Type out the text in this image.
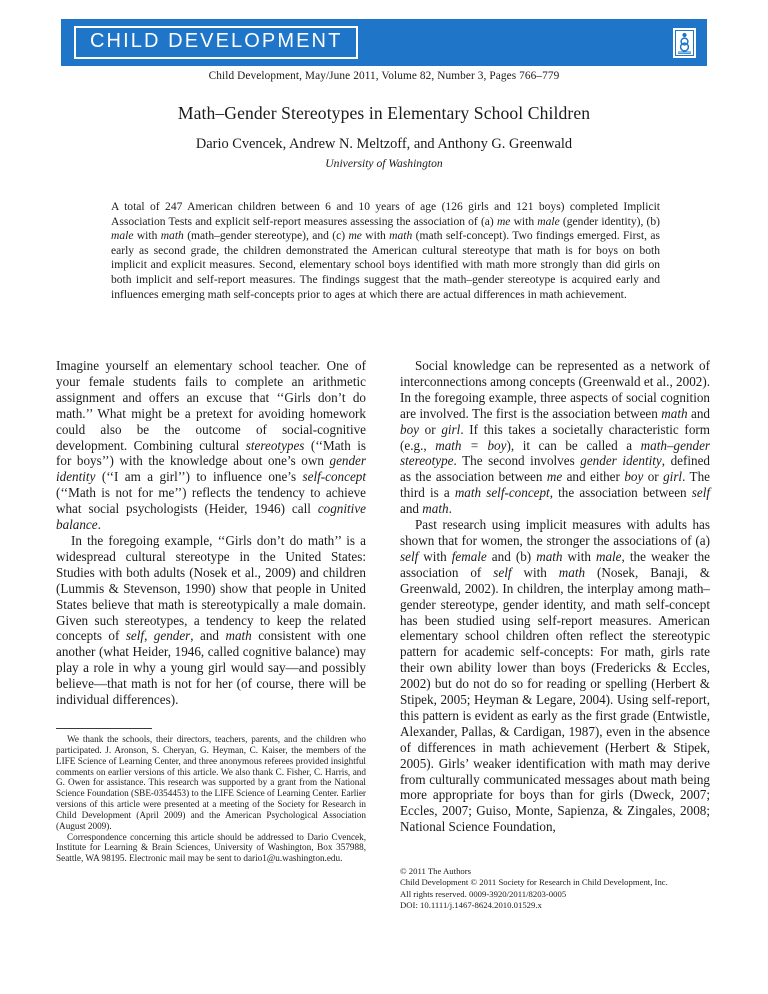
CHILD DEVELOPMENT
Child Development, May/June 2011, Volume 82, Number 3, Pages 766–779
Math–Gender Stereotypes in Elementary School Children
Dario Cvencek, Andrew N. Meltzoff, and Anthony G. Greenwald
University of Washington
A total of 247 American children between 6 and 10 years of age (126 girls and 121 boys) completed Implicit Association Tests and explicit self-report measures assessing the association of (a) me with male (gender identity), (b) male with math (math–gender stereotype), and (c) me with math (math self-concept). Two findings emerged. First, as early as second grade, the children demonstrated the American cultural stereotype that math is for boys on both implicit and explicit measures. Second, elementary school boys identified with math more strongly than did girls on both implicit and self-report measures. The findings suggest that the math–gender stereotype is acquired early and influences emerging math self-concepts prior to ages at which there are actual differences in math achievement.

Imagine yourself an elementary school teacher. One of your female students fails to complete an arithmetic assignment and offers an excuse that ‘‘Girls don’t do math.’’ What might be a pretext for avoiding homework could also be the outcome of social-cognitive development. Combining cultural stereotypes (‘‘Math is for boys’’) with the knowledge about one’s own gender identity (‘‘I am a girl’’) to influence one’s self-concept (‘‘Math is not for me’’) reflects the tendency to achieve what social psychologists (Heider, 1946) call cognitive balance.

In the foregoing example, ‘‘Girls don’t do math’’ is a widespread cultural stereotype in the United States: Studies with both adults (Nosek et al., 2009) and children (Lummis & Stevenson, 1990) show that people in United States believe that math is stereotypically a male domain. Given such stereotypes, a tendency to keep the related concepts of self, gender, and math consistent with one another (what Heider, 1946, called cognitive balance) may play a role in why a young girl would say—and possibly believe—that math is not for her (of course, there will be individual differences).

Social knowledge can be represented as a network of interconnections among concepts (Greenwald et al., 2002). In the foregoing example, three aspects of social cognition are involved. The first is the association between math and boy or girl. If this takes a societally characteristic form (e.g., math = boy), it can be called a math–gender stereotype. The second involves gender identity, defined as the association between me and either boy or girl. The third is a math self-concept, the association between self and math.

Past research using implicit measures with adults has shown that for women, the stronger the associations of (a) self with female and (b) math with male, the weaker the association of self with math (Nosek, Banaji, & Greenwald, 2002). In children, the interplay among math–gender stereotype, gender identity, and math self-concept has been studied using self-report measures. American elementary school children often reflect the stereotypic pattern for academic self-concepts: For math, girls rate their own ability lower than boys (Fredericks & Eccles, 2002) but do not do so for reading or spelling (Herbert & Stipek, 2005; Heyman & Legare, 2004). Using self-report, this pattern is evident as early as the first grade (Entwistle, Alexander, Pallas, & Cardigan, 1987), even in the absence of differences in math achievement (Herbert & Stipek, 2005). Girls’ weaker identification with math may derive from culturally communicated messages about math being more appropriate for boys than for girls (Dweck, 2007; Eccles, 2007; Guiso, Monte, Sapienza, & Zingales, 2008; National Science Foundation,

We thank the schools, their directors, teachers, parents, and the children who participated. J. Aronson, S. Cheryan, G. Heyman, C. Kaiser, the members of the LIFE Science of Learning Center, and three anonymous referees provided insightful comments on earlier versions of this article. We also thank C. Fisher, C. Harris, and G. Owen for assistance. This research was supported by a grant from the National Science Foundation (SBE-0354453) to the LIFE Science of Learning Center. Earlier versions of this article were presented at a meeting of the Society for Research in Child Development (April 2009) and the American Psychological Association (August 2009).

Correspondence concerning this article should be addressed to Dario Cvencek, Institute for Learning & Brain Sciences, University of Washington, Box 357988, Seattle, WA 98195. Electronic mail may be sent to dario1@u.washington.edu.

© 2011 The Authors
Child Development © 2011 Society for Research in Child Development, Inc.
All rights reserved. 0009-3920/2011/8203-0005
DOI: 10.1111/j.1467-8624.2010.01529.x
